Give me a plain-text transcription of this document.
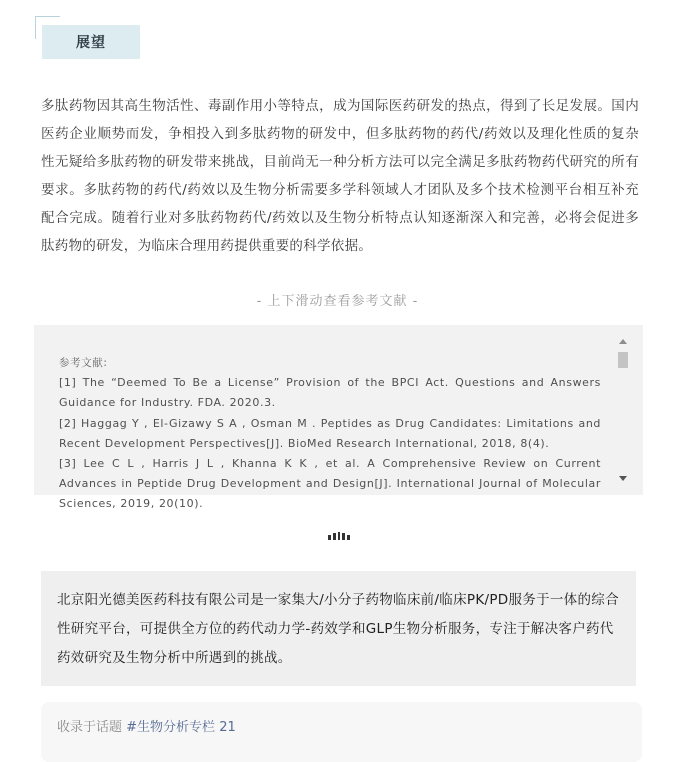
展望

多肽药物因其高生物活性、毒副作用小等特点，成为国际医药研发的热点，得到了长足发展。国内医药企业顺势而发，争相投入到多肽药物的研发中，但多肽药物的药代/药效以及理化性质的复杂性无疑给多肽药物的研发带来挑战，目前尚无一种分析方法可以完全满足多肽药物药代研究的所有要求。多肽药物的药代/药效以及生物分析需要多学科领域人才团队及多个技术检测平台相互补充配合完成。随着行业对多肽药物药代/药效以及生物分析特点认知逐渐深入和完善，必将会促进多肽药物的研发，为临床合理用药提供重要的科学依据。

- 上下滑动查看参考文献 -
参考文献:

[1] The “Deemed To Be a License” Provision of the BPCI Act. Questions and Answers Guidance for Industry. FDA. 2020.3.

[2] Haggag Y , El-Gizawy S A , Osman M . Peptides as Drug Candidates: Limitations and Recent Development Perspectives[J]. BioMed Research International, 2018, 8(4).

[3] Lee C L , Harris J L , Khanna K K , et al. A Comprehensive Review on Current Advances in Peptide Drug Development and Design[J]. International Journal of Molecular Sciences, 2019, 20(10).

北京阳光德美医药科技有限公司是一家集大/小分子药物临床前/临床PK/PD服务于一体的综合性研究平台，可提供全方位的药代动力学-药效学和GLP生物分析服务，专注于解决客户药代药效研究及生物分析中所遇到的挑战。

收录于话题 #生物分析专栏 21
